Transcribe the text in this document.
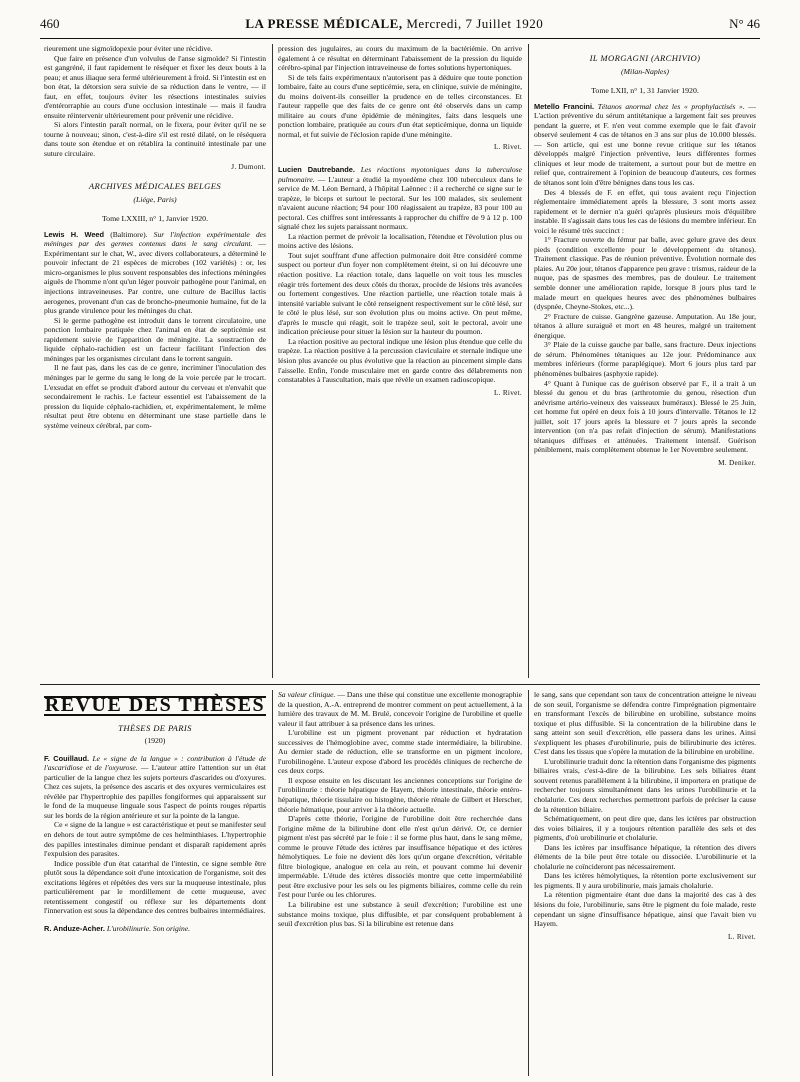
460	LA PRESSE MÉDICALE, Mercredi, 7 Juillet 1920	N° 46

rieurement une sigmoïdopexie pour éviter une récidive.

Que faire en présence d'un volvulus de l'anse sigmoïde? Si l'intestin est gangréné, il faut rapidement le réséquer et fixer les deux bouts à la peau; et anus iliaque sera fermé ultérieurement à froid. Si l'intestin est en bon état, la détorsion sera suivie de sa réduction dans le ventre, — il faut, en effet, toujours éviter les résections intestinales suivies d'entérorraphie au cours d'une occlusion intestinale — mais il faudra ensuite réintervenir ultérieurement pour prévenir une récidive.

Si alors l'intestin paraît normal, on le fixera, pour éviter qu'il ne se tourne à nouveau; sinon, c'est-à-dire s'il est resté dilaté, on le réséquera dans toute son étendue et on rétablira la continuité intestinale par une suture circulaire.

J. Dumont.
ARCHIVES MÉDICALES BELGES
(Liége, Paris)
Tome LXXIII, n° 1, Janvier 1920.

Lewis H. Weed (Baltimore). Sur l'infection expérimentale des méninges par des germes contenus dans le sang circulant. — Expérimentant sur le chat, W., avec divers collaborateurs, a déterminé le pouvoir infectant de 21 espèces de microbes (102 variétés) : or, les micro-organismes le plus souvent responsables des infections méningées aiguës de l'homme n'ont qu'un léger pouvoir pathogène pour l'animal, en injections intraveineuses. Par contre, une culture de Bacillus lactis aerogenes, provenant d'un cas de broncho-pneumonie humaine, fut de la plus grande virulence pour les méninges du chat.

Si le germe pathogène est introduit dans le torrent circulatoire, une ponction lombaire pratiquée chez l'animal en état de septicémie est rapidement suivie de l'apparition de méningite. La soustraction de liquide céphalo-rachidien est un facteur facilitant l'infection des méninges par les organismes circulant dans le torrent sanguin.

Il ne faut pas, dans les cas de ce genre, incriminer l'inoculation des méninges par le germe du sang le long de la voie percée par le trocart. L'exsudat en effet se produit d'abord autour du cerveau et n'envahit que secondairement le rachis. Le facteur essentiel est l'abaissement de la pression du liquide céphalo-rachidien, et, expérimentalement, le même résultat peut être obtenu en déterminant une stase partielle dans le système veineux cérébral, par com-

pression des jugulaires, au cours du maximum de la bactériémie. On arrive également à ce résultat en déterminant l'abaissement de la pression du liquide cérébro-spinal par l'injection intraveineuse de fortes solutions hypertoniques.

Si de tels faits expérimentaux n'autorisent pas à déduire que toute ponction lombaire, faite au cours d'une septicémie, sera, en clinique, suivie de méningite, du moins doivent-ils conseiller la prudence en de telles circonstances. Et l'auteur rappelle que des faits de ce genre ont été observés dans un camp militaire au cours d'une épidémie de méningites, faits dans lesquels une ponction lombaire, pratiquée au cours d'un état septicémique, donna un liquide normal, et fut suivie de l'éclosion rapide d'une méningite.

L. Rivet.

Lucien Dautrebande. Les réactions myotoniques dans la tuberculose pulmonaire. — L'auteur a étudié la myoedème chez 100 tuberculeux dans le service de M. Léon Bernard, à l'hôpital Laënnec : il a recherché ce signe sur le trapèze, le biceps et surtout le pectoral. Sur les 100 malades, six seulement n'avaient aucune réaction; 94 pour 100 réagissaient au trapèze, 83 pour 100 au pectoral. Ces chiffres sont intéressants à rapprocher du chiffre de 9 à 12 p. 100 signalé chez les sujets paraissant normaux.

La réaction permet de prévoir la localisation, l'étendue et l'évolution plus ou moins active des lésions.

Tout sujet souffrant d'une affection pulmonaire doit être considéré comme suspect ou porteur d'un foyer non complètement éteint, si on lui découvre une réaction positive. La réaction totale, dans laquelle on voit tous les muscles réagir très fortement des deux côtés du thorax, procède de lésions très avancées ou fortement congestives. Une réaction partielle, une réaction totale mais à intensité variable suivant le côté renseignent respectivement sur le côté lésé, sur le côté le plus lésé, sur son évolution plus ou moins active. On peut même, d'après le muscle qui réagit, soit le trapèze seul, soit le pectoral, avoir une indication précieuse pour situer la lésion sur la hauteur du poumon.

La réaction positive au pectoral indique une lésion plus étendue que celle du trapèze. La réaction positive à la percussion claviculaire et sternale indique une lésion plus avancée ou plus évolutive que la réaction au pincement simple dans l'aisselle. Enfin, l'onde musculaire met en garde contre des délabrements non constatables à l'auscultation, mais que révèle un examen radioscopique.

L. Rivet.
IL MORGAGNI (ARCHIVIO)
(Milan-Naples)
Tome LXII, n° 1, 31 Janvier 1920.

Metello Francini. Tétanos anormal chez les « prophylactisés ». — L'action préventive du sérum antitétanique a largement fait ses preuves pendant la guerre, et F. n'en veut comme exemple que le fait d'avoir observé seulement 4 cas de tétanos en 3 ans sur plus de 10.000 blessés. — Son article, qui est une bonne revue critique sur les tétanos développés malgré l'injection préventive, leurs différentes formes cliniques et leur mode de traitement, a surtout pour but de mettre en relief que, contrairement à l'opinion de beaucoup d'auteurs, ces formes de tétanos sont loin d'être bénignes dans tous les cas.

Des 4 blessés de F. en effet, qui tous avaient reçu l'injection réglementaire immédiatement après la blessure, 3 sont morts assez rapidement et le dernier n'a guéri qu'après plusieurs mois d'équilibre instable. Il s'agissait dans tous les cas de lésions du membre inférieur. En voici le résumé très succinct :

1° Fracture ouverte du fémur par balle, avec gelure grave des deux pieds (condition excellente pour le développement du tétanos). Traitement classique. Pas de réunion préventive. Évolution normale des plaies. Au 20e jour, tétanos d'apparence peu grave : trismus, raideur de la nuque, pas de spasmes des membres, pas de douleur. Le traitement semble donner une amélioration rapide, lorsque 8 jours plus tard le malade meurt en quelques heures avec des phénomènes bulbaires (dyspnée, Cheyne-Stokes, etc...).

2° Fracture de cuisse. Gangrène gazeuse. Amputation. Au 18e jour, tétanos à allure suraiguë et mort en 48 heures, malgré un traitement énergique.

3° Plaie de la cuisse gauche par balle, sans fracture. Deux injections de sérum. Phénomènes tétaniques au 12e jour. Prédominance aux membres inférieurs (forme paraplégique). Mort 6 jours plus tard par phénomènes bulbaires (asphyxie rapide).

4° Quant à l'unique cas de guérison observé par F., il a trait à un blessé du genou et du bras (arthrotomie du genou, résection d'un anévrisme artério-veineux des vaisseaux huméraux). Blessé le 25 Juin, cet homme fut opéré en deux fois à 10 jours d'intervalle. Tétanos le 12 juillet, soit 17 jours après la blessure et 7 jours après la seconde intervention (on n'a pas refait d'injection de sérum). Manifestations tétaniques diffuses et atténuées. Traitement intensif. Guérison péniblement, mais complètement obtenue le 1er Novembre seulement.

M. Deniker.
REVUE DES THÈSES
THÈSES DE PARIS
(1920)

F. Couillaud. Le « signe de la langue » : contribution à l'étude de l'ascaridiose et de l'oxyurose. — L'auteur attire l'attention sur un état particulier de la langue chez les sujets porteurs d'ascarides ou d'oxyures. Chez ces sujets, la présence des ascaris et des oxyures vermiculaires est révélée par l'hypertrophie des papilles fongiformes qui apparaissent sur le fond de la muqueuse linguale sous l'aspect de points rouges répartis sur les bords de la région antérieure et sur la pointe de la langue.

Ce « signe de la langue » est caractéristique et peut se manifester seul en dehors de tout autre symptôme de ces helminthiases. L'hypertrophie des papilles intestinales diminue pendant et disparaît rapidement après l'expulsion des parasites.

Indice possible d'un état catarrhal de l'intestin, ce signe semble être plutôt sous la dépendance soit d'une intoxication de l'organisme, soit des excitations légères et répétées des vers sur la muqueuse intestinale, plus particulièrement par le mordillement de cette muqueuse, avec retentissement congestif ou réflexe sur les départements dont l'innervation est sous la dépendance des centres bulbaires intermédiaires.

R. Anduze-Acher. L'urobilinurie. Son origine.

Sa valeur clinique. — Dans une thèse qui constitue une excellente monographie de la question, A.-A. entreprend de montrer comment on peut actuellement, à la lumière des travaux de M. M. Brulé, concevoir l'origine de l'urobiline et quelle valeur il faut attribuer à sa présence dans les urines.

L'urobiline est un pigment provenant par réduction et hydratation successives de l'hémoglobine avec, comme stade intermédiaire, la bilirubine. Au dernier stade de réduction, elle se transforme en un pigment incolore, l'urobilinogène. L'auteur expose d'abord les procédés cliniques de recherche de ces deux corps.

Il expose ensuite en les discutant les anciennes conceptions sur l'origine de l'urobilinurie : théorie hépatique de Hayem, théorie intestinale, théorie entéro-hépatique, théorie tissulaire ou histogène, théorie rénale de Gilbert et Herscher, théorie hématique, pour arriver à la théorie actuelle.

D'après cette théorie, l'origine de l'urobiline doit être recherchée dans l'origine même de la bilirubine dont elle n'est qu'un dérivé. Or, ce dernier pigment n'est pas sécrété par le foie : il se forme plus haut, dans le sang même, comme le prouve l'étude des ictères par insuffisance hépatique et des ictères hémolytiques. Le foie ne devient dès lors qu'un organe d'excrétion, véritable filtre biologique, analogue en cela au rein, et pouvant comme lui devenir imperméable. L'étude des ictères dissociés montre que cette imperméabilité peut être exclusive pour les sels ou les pigments biliaires, comme celle du rein l'est pour l'urée ou les chlorures.

La bilirubine est une substance à seuil d'excrétion; l'urobiline est une substance moins toxique, plus diffusible, et par conséquent probablement à seuil d'excrétion plus bas. Si la bilirubine est retenue dans

le sang, sans que cependant son taux de concentration atteigne le niveau de son seuil, l'organisme se défendra contre l'imprégnation pigmentaire en transformant l'excès de bilirubine en urobiline, substance moins toxique et plus diffusible. Si la concentration de la bilirubine dans le sang atteint son seuil d'excrétion, elle passera dans les urines. Ainsi s'expliquent les phases d'urobilinurie, puis de bilirubinurie des ictères. C'est dans les tissus que s'opère la mutation de la bilirubine en urobiline.

L'urobilinurie traduit donc la rétention dans l'organisme des pigments biliaires vrais, c'est-à-dire de la bilirubine. Les sels biliaires étant souvent retenus parallèlement à la bilirubine, il importera en pratique de rechercher toujours simultanément dans les urines l'urobilinurie et la cholalurie. Ces deux recherches permettront parfois de préciser la cause de la rétention biliaire.

Schématiquement, on peut dire que, dans les ictères par obstruction des voies biliaires, il y a toujours rétention parallèle des sels et des pigments, d'où urobilinurie et cholalurie.

Dans les ictères par insuffisance hépatique, la rétention des divers éléments de la bile peut être totale ou dissociée. L'urobilinurie et la cholalurie ne coïncideront pas nécessairement.

Dans les ictères hémolytiques, la rétention porte exclusivement sur les pigments. Il y aura urobilinurie, mais jamais cholalurie.

La rétention pigmentaire étant due dans la majorité des cas à des lésions du foie, l'urobilinurie, sans être le pigment du foie malade, reste cependant un signe d'insuffisance hépatique, ainsi que l'avait bien vu Hayem.

L. Rivet.
